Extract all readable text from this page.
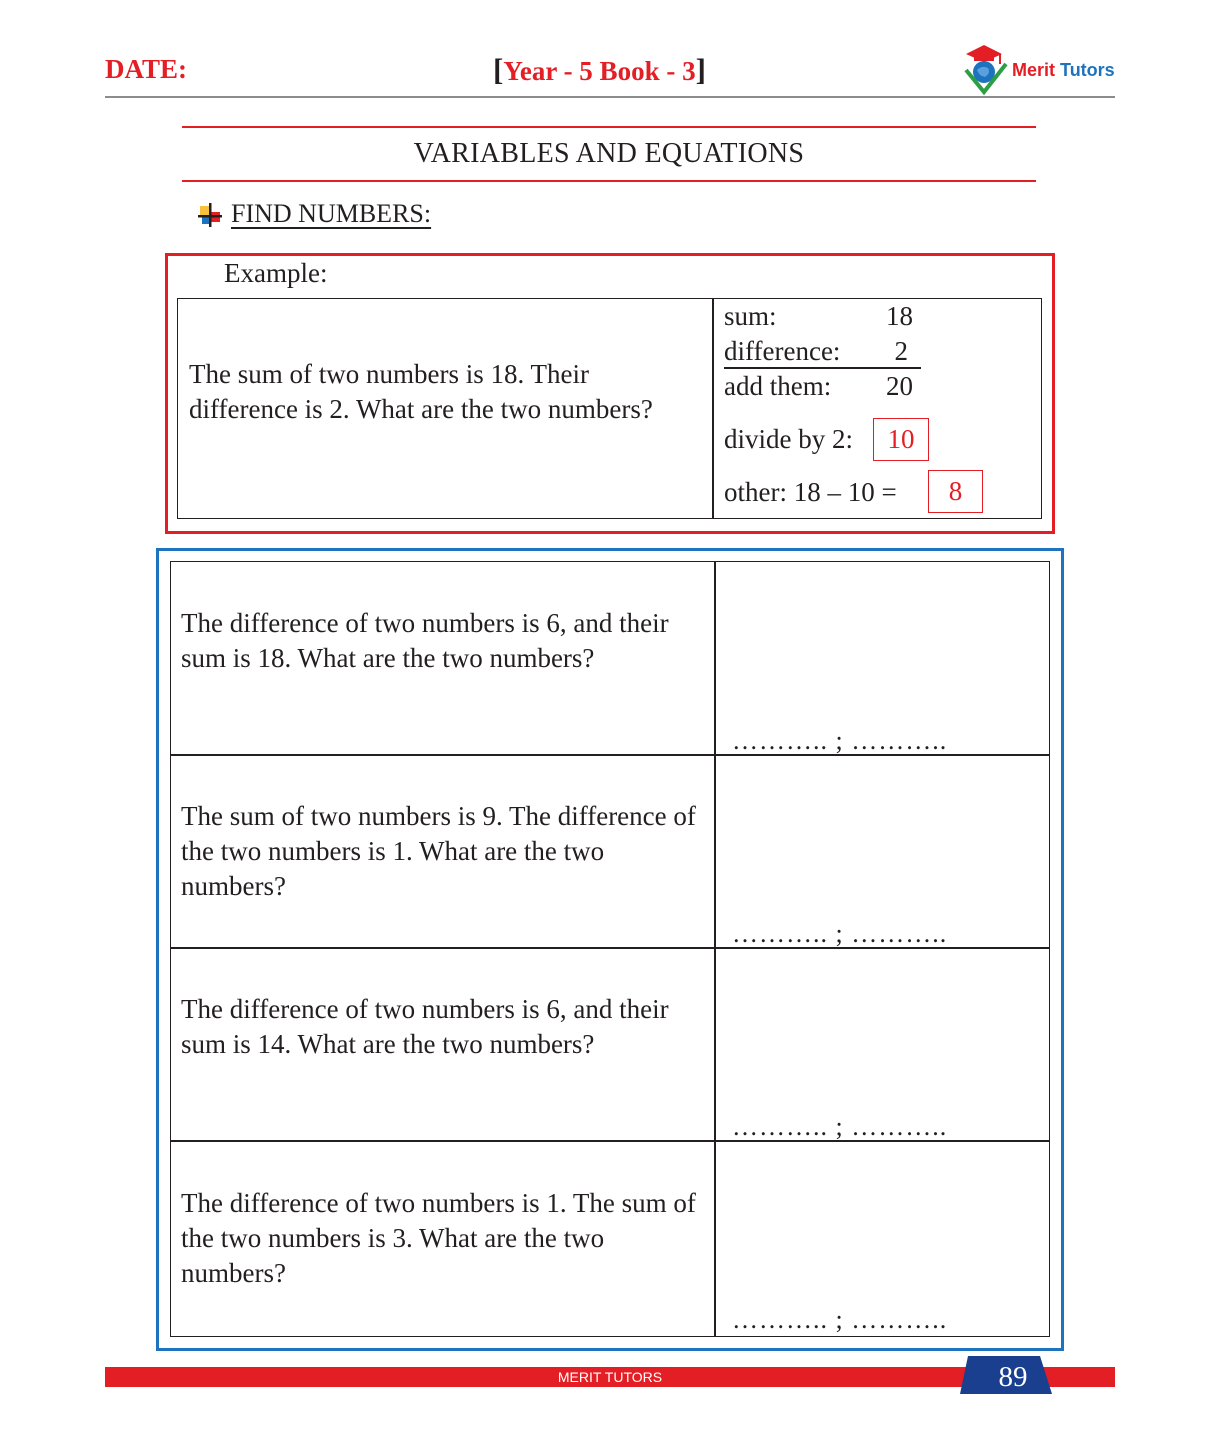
DATE:	[Year - 5 Book - 3]	Merit Tutors
VARIABLES AND EQUATIONS
FIND NUMBERS:
Example:
The sum of two numbers is 18. Their difference is 2. What are the two numbers?
sum:	18
difference:	2
add them:	20
divide by 2:	10
other: 18 – 10 =	8
The difference of two numbers is 6, and their sum is 18. What are the two numbers?
……….. ; ………..
The sum of two numbers is 9. The difference of the two numbers is 1. What are the two numbers?
……….. ; ………..
The difference of two numbers is 6, and their sum is 14. What are the two numbers?
……….. ; ………..
The difference of two numbers is 1. The sum of the two numbers is 3. What are the two numbers?
……….. ; ………..
MERIT TUTORS	89
